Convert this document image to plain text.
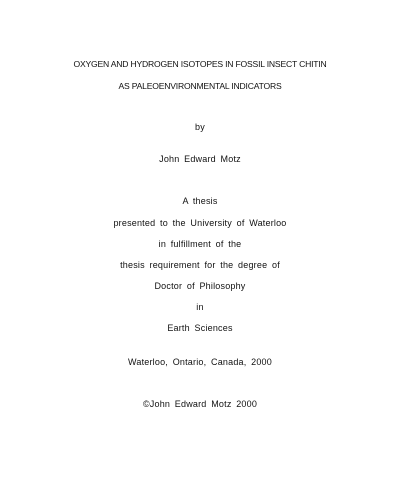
OXYGEN AND HYDROGEN ISOTOPES IN FOSSIL INSECT CHITIN
AS PALEOENVIRONMENTAL INDICATORS
by
John Edward Motz
A thesis
presented to the University of Waterloo
in fulfillment of the
thesis requirement for the degree of
Doctor of Philosophy
in
Earth Sciences
Waterloo, Ontario, Canada, 2000
©John Edward Motz 2000
